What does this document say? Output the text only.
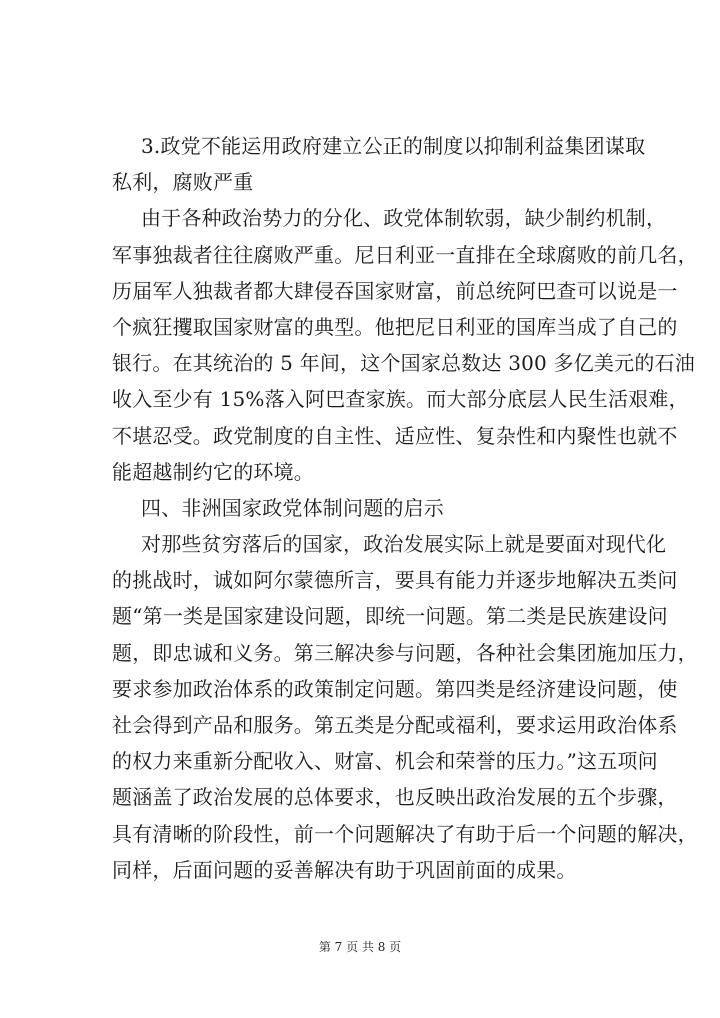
3.政党不能运用政府建立公正的制度以抑制利益集团谋取
私利，腐败严重
由于各种政治势力的分化、政党体制软弱，缺少制约机制，
军事独裁者往往腐败严重。尼日利亚一直排在全球腐败的前几名，
历届军人独裁者都大肆侵吞国家财富，前总统阿巴查可以说是一
个疯狂攫取国家财富的典型。他把尼日利亚的国库当成了自己的
银行。在其统治的 5 年间，这个国家总数达 300 多亿美元的石油
收入至少有 15%落入阿巴查家族。而大部分底层人民生活艰难，
不堪忍受。政党制度的自主性、适应性、复杂性和内聚性也就不
能超越制约它的环境。
四、非洲国家政党体制问题的启示
对那些贫穷落后的国家，政治发展实际上就是要面对现代化
的挑战时，诚如阿尔蒙德所言，要具有能力并逐步地解决五类问
题“第一类是国家建设问题，即统一问题。第二类是民族建设问
题，即忠诚和义务。第三解决参与问题，各种社会集团施加压力，
要求参加政治体系的政策制定问题。第四类是经济建设问题，使
社会得到产品和服务。第五类是分配或福利，要求运用政治体系
的权力来重新分配收入、财富、机会和荣誉的压力。”这五项问
题涵盖了政治发展的总体要求，也反映出政治发展的五个步骤，
具有清晰的阶段性，前一个问题解决了有助于后一个问题的解决，
同样，后面问题的妥善解决有助于巩固前面的成果。
第 7 页 共 8 页
